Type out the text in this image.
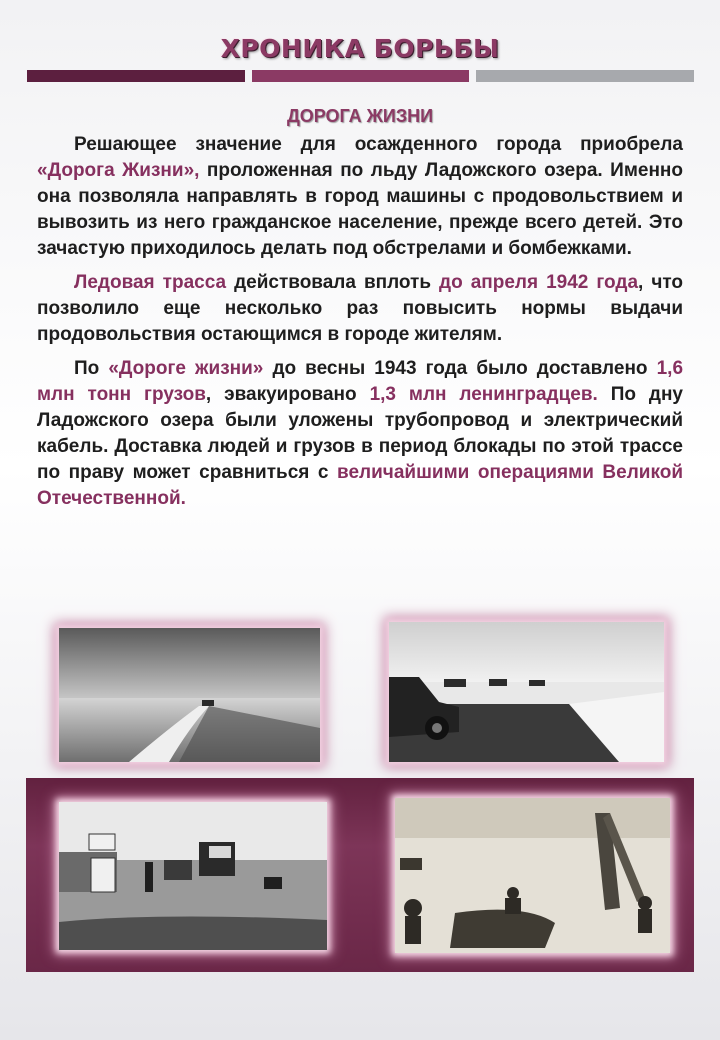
ХРОНИКА БОРЬБЫ
ДОРОГА ЖИЗНИ

Решающее значение для осажденного города приобрела «Дорога Жизни», проложенная по льду Ладожского озера. Именно она позволяла направлять в город машины с продовольствием и вывозить из него гражданское население, прежде всего детей. Это зачастую приходилось делать под обстрелами и бомбежками.

Ледовая трасса действовала вплоть до апреля 1942 года, что позволило еще несколько раз повысить нормы выдачи продовольствия остающимся в городе жителям.

По «Дороге жизни» до весны 1943 года было доставлено 1,6 млн тонн грузов, эвакуировано 1,3 млн ленинградцев. По дну Ладожского озера были уложены трубопровод и электрический кабель. Доставка людей и грузов в период блокады по этой трассе по праву может сравниться с величайшими операциями Великой Отечественной.
